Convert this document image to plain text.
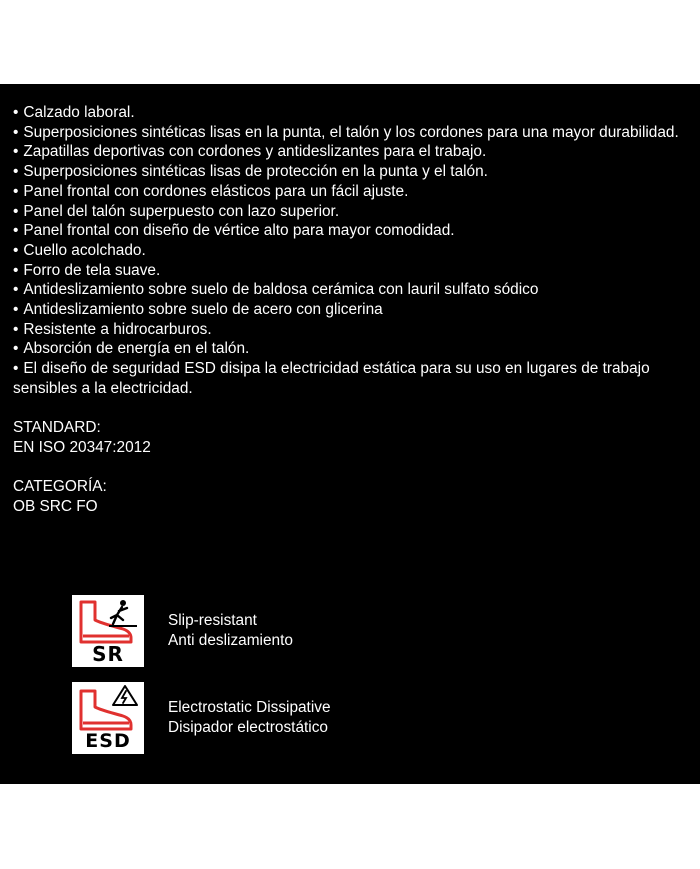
• Calzado laboral.
• Superposiciones sintéticas lisas en la punta, el talón y los cordones para una mayor durabilidad.
• Zapatillas deportivas con cordones y antideslizantes para el trabajo.
• Superposiciones sintéticas lisas de protección en la punta y el talón.
• Panel frontal con cordones elásticos para un fácil ajuste.
• Panel del talón superpuesto con lazo superior.
• Panel frontal con diseño de vértice alto para mayor comodidad.
• Cuello acolchado.
• Forro de tela suave.
• Antideslizamiento sobre suelo de baldosa cerámica con lauril sulfato sódico
• Antideslizamiento sobre suelo de acero con glicerina
• Resistente a hidrocarburos.
• Absorción de energía en el talón.
• El diseño de seguridad ESD disipa la electricidad estática para su uso en lugares de trabajo sensibles a la electricidad.
STANDARD:
EN ISO 20347:2012
CATEGORÍA:
OB SRC FO
SR
Slip-resistant
Anti deslizamiento
ESD
Electrostatic Dissipative
Disipador electrostático
